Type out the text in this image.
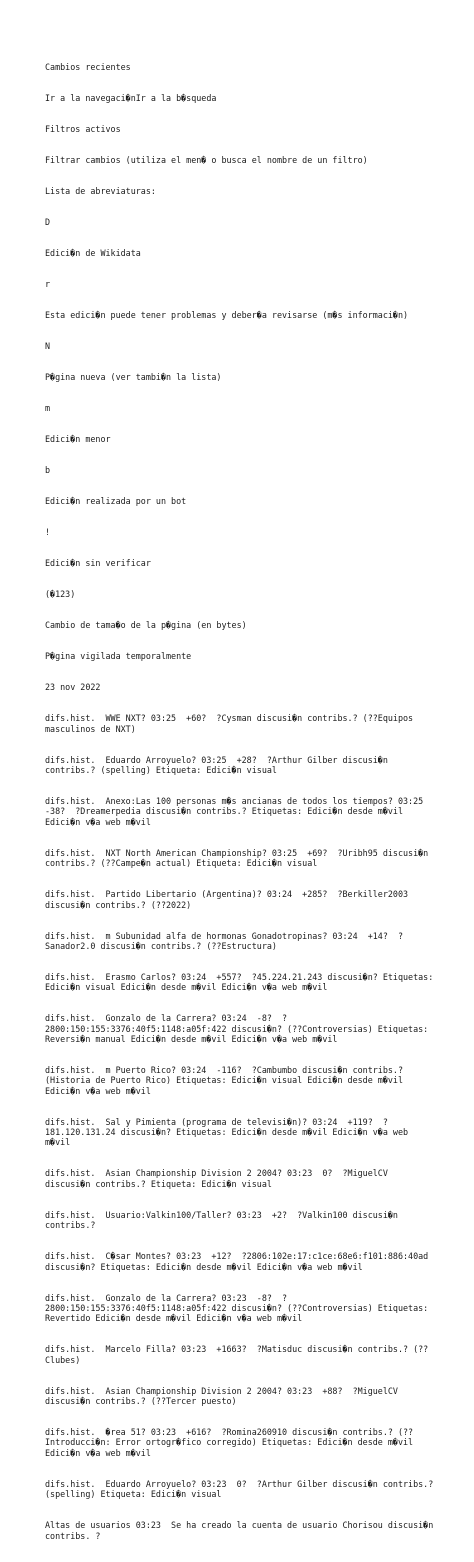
Cambios recientes

Ir a la navegaci�nIr a la b�squeda

Filtros activos

Filtrar cambios (utiliza el men� o busca el nombre de un filtro)

Lista de abreviaturas:

D

Edici�n de Wikidata

r

Esta edici�n puede tener problemas y deber�a revisarse (m�s informaci�n)

N

P�gina nueva (ver tambi�n la lista)

m

Edici�n menor

b

Edici�n realizada por un bot

!

Edici�n sin verificar

(�123)

Cambio de tama�o de la p�gina (en bytes)

P�gina vigilada temporalmente

23 nov 2022

difs.hist.  WWE NXT? 03:25  +60?  ?Cysman discusi�n contribs.? (??Equipos masculinos de NXT)

difs.hist.  Eduardo Arroyuelo? 03:25  +28?  ?Arthur Gilber discusi�n contribs.? (spelling) Etiqueta: Edici�n visual

difs.hist.  Anexo:Las 100 personas m�s ancianas de todos los tiempos? 03:25  -38?  ?Dreamerpedia discusi�n contribs.? Etiquetas: Edici�n desde m�vil Edici�n v�a web m�vil

difs.hist.  NXT North American Championship? 03:25  +69?  ?Uribh95 discusi�n contribs.? (??Campe�n actual) Etiqueta: Edici�n visual

difs.hist.  Partido Libertario (Argentina)? 03:24  +285?  ?Berkiller2003 discusi�n contribs.? (??2022)

difs.hist.  m Subunidad alfa de hormonas Gonadotropinas? 03:24  +14?  ?Sanador2.0 discusi�n contribs.? (??Estructura)

difs.hist.  Erasmo Carlos? 03:24  +557?  ?45.224.21.243 discusi�n? Etiquetas: Edici�n visual Edici�n desde m�vil Edici�n v�a web m�vil

difs.hist.  Gonzalo de la Carrera? 03:24  -8?  ?2800:150:155:3376:40f5:1148:a05f:422 discusi�n? (??Controversias) Etiquetas: Reversi�n manual Edici�n desde m�vil Edici�n v�a web m�vil

difs.hist.  m Puerto Rico? 03:24  -116?  ?Cambumbo discusi�n contribs.? (Historia de Puerto Rico) Etiquetas: Edici�n visual Edici�n desde m�vil Edici�n v�a web m�vil

difs.hist.  Sal y Pimienta (programa de televisi�n)? 03:24  +119?  ?181.120.131.24 discusi�n? Etiquetas: Edici�n desde m�vil Edici�n v�a web m�vil

difs.hist.  Asian Championship Division 2 2004? 03:23  0?  ?MiguelCV discusi�n contribs.? Etiqueta: Edici�n visual

difs.hist.  Usuario:Valkin100/Taller? 03:23  +2?  ?Valkin100 discusi�n contribs.?

difs.hist.  C�sar Montes? 03:23  +12?  ?2806:102e:17:c1ce:68e6:f101:886:40ad discusi�n? Etiquetas: Edici�n desde m�vil Edici�n v�a web m�vil

difs.hist.  Gonzalo de la Carrera? 03:23  -8?  ?2800:150:155:3376:40f5:1148:a05f:422 discusi�n? (??Controversias) Etiquetas: Revertido Edici�n desde m�vil Edici�n v�a web m�vil

difs.hist.  Marcelo Filla? 03:23  +1663?  ?Matisduc discusi�n contribs.? (??Clubes)

difs.hist.  Asian Championship Division 2 2004? 03:23  +88?  ?MiguelCV discusi�n contribs.? (??Tercer puesto)

difs.hist.  �rea 51? 03:23  +616?  ?Romina260910 discusi�n contribs.? (??Introducci�n: Error ortogr�fico corregido) Etiquetas: Edici�n desde m�vil Edici�n v�a web m�vil

difs.hist.  Eduardo Arroyuelo? 03:23  0?  ?Arthur Gilber discusi�n contribs.? (spelling) Etiqueta: Edici�n visual

Altas de usuarios 03:23  Se ha creado la cuenta de usuario Chorisou discusi�n contribs. ?
